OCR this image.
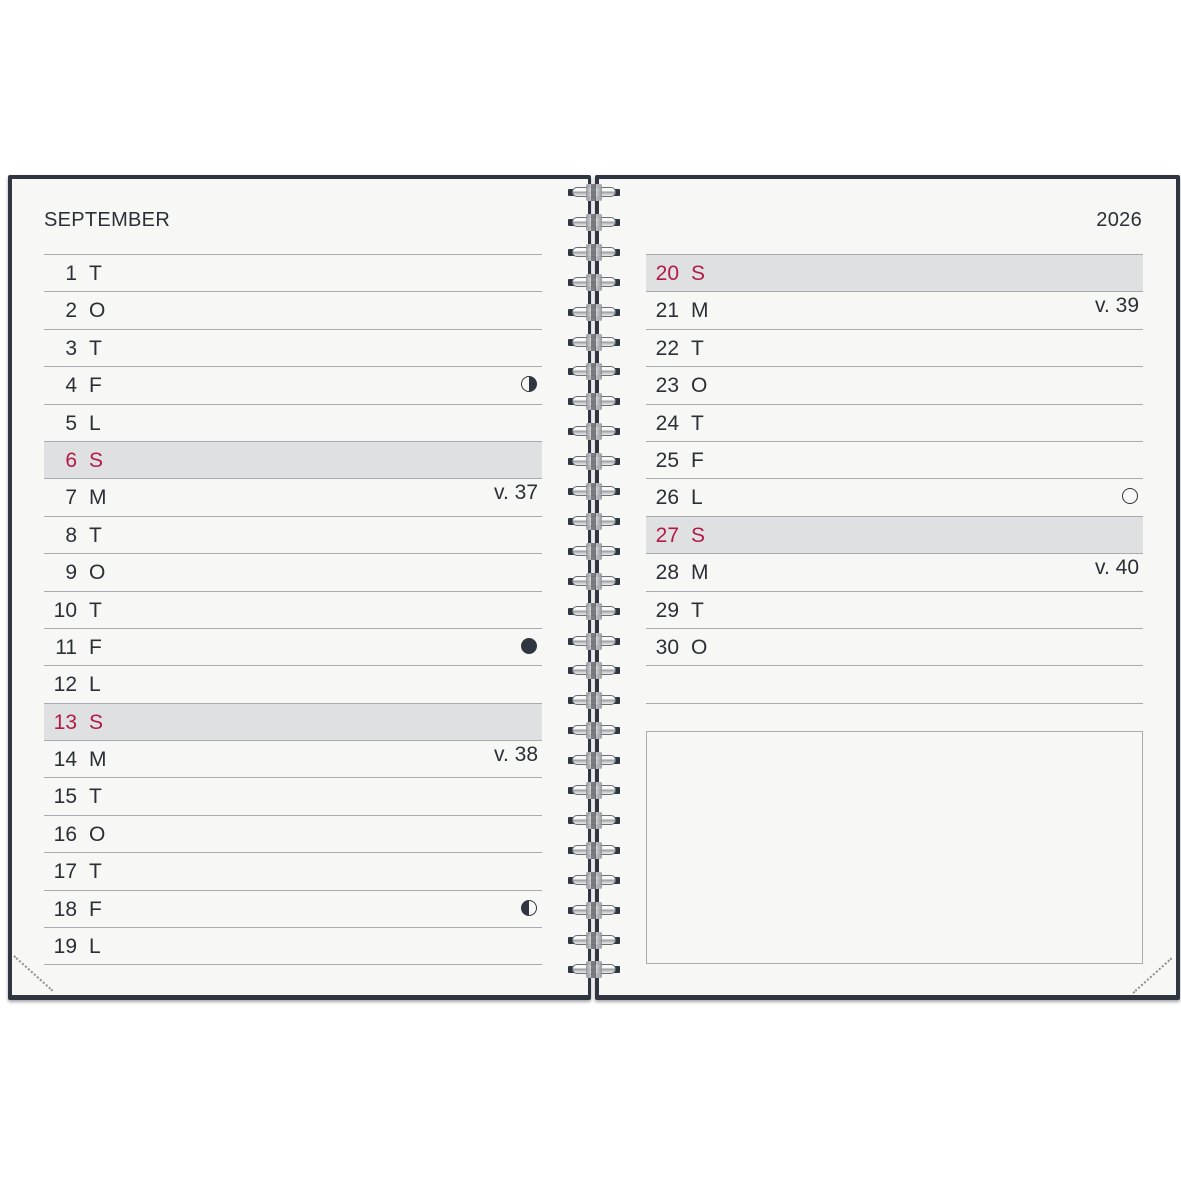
SEPTEMBER	2026
1 T
2 O
3 T
4 F
5 L
6 S
7 M	v. 37
8 T
9 O
10 T
11 F
12 L
13 S
14 M	v. 38
15 T
16 O
17 T
18 F
19 L
20 S
21 M	v. 39
22 T
23 O
24 T
25 F
26 L
27 S
28 M	v. 40
29 T
30 O
